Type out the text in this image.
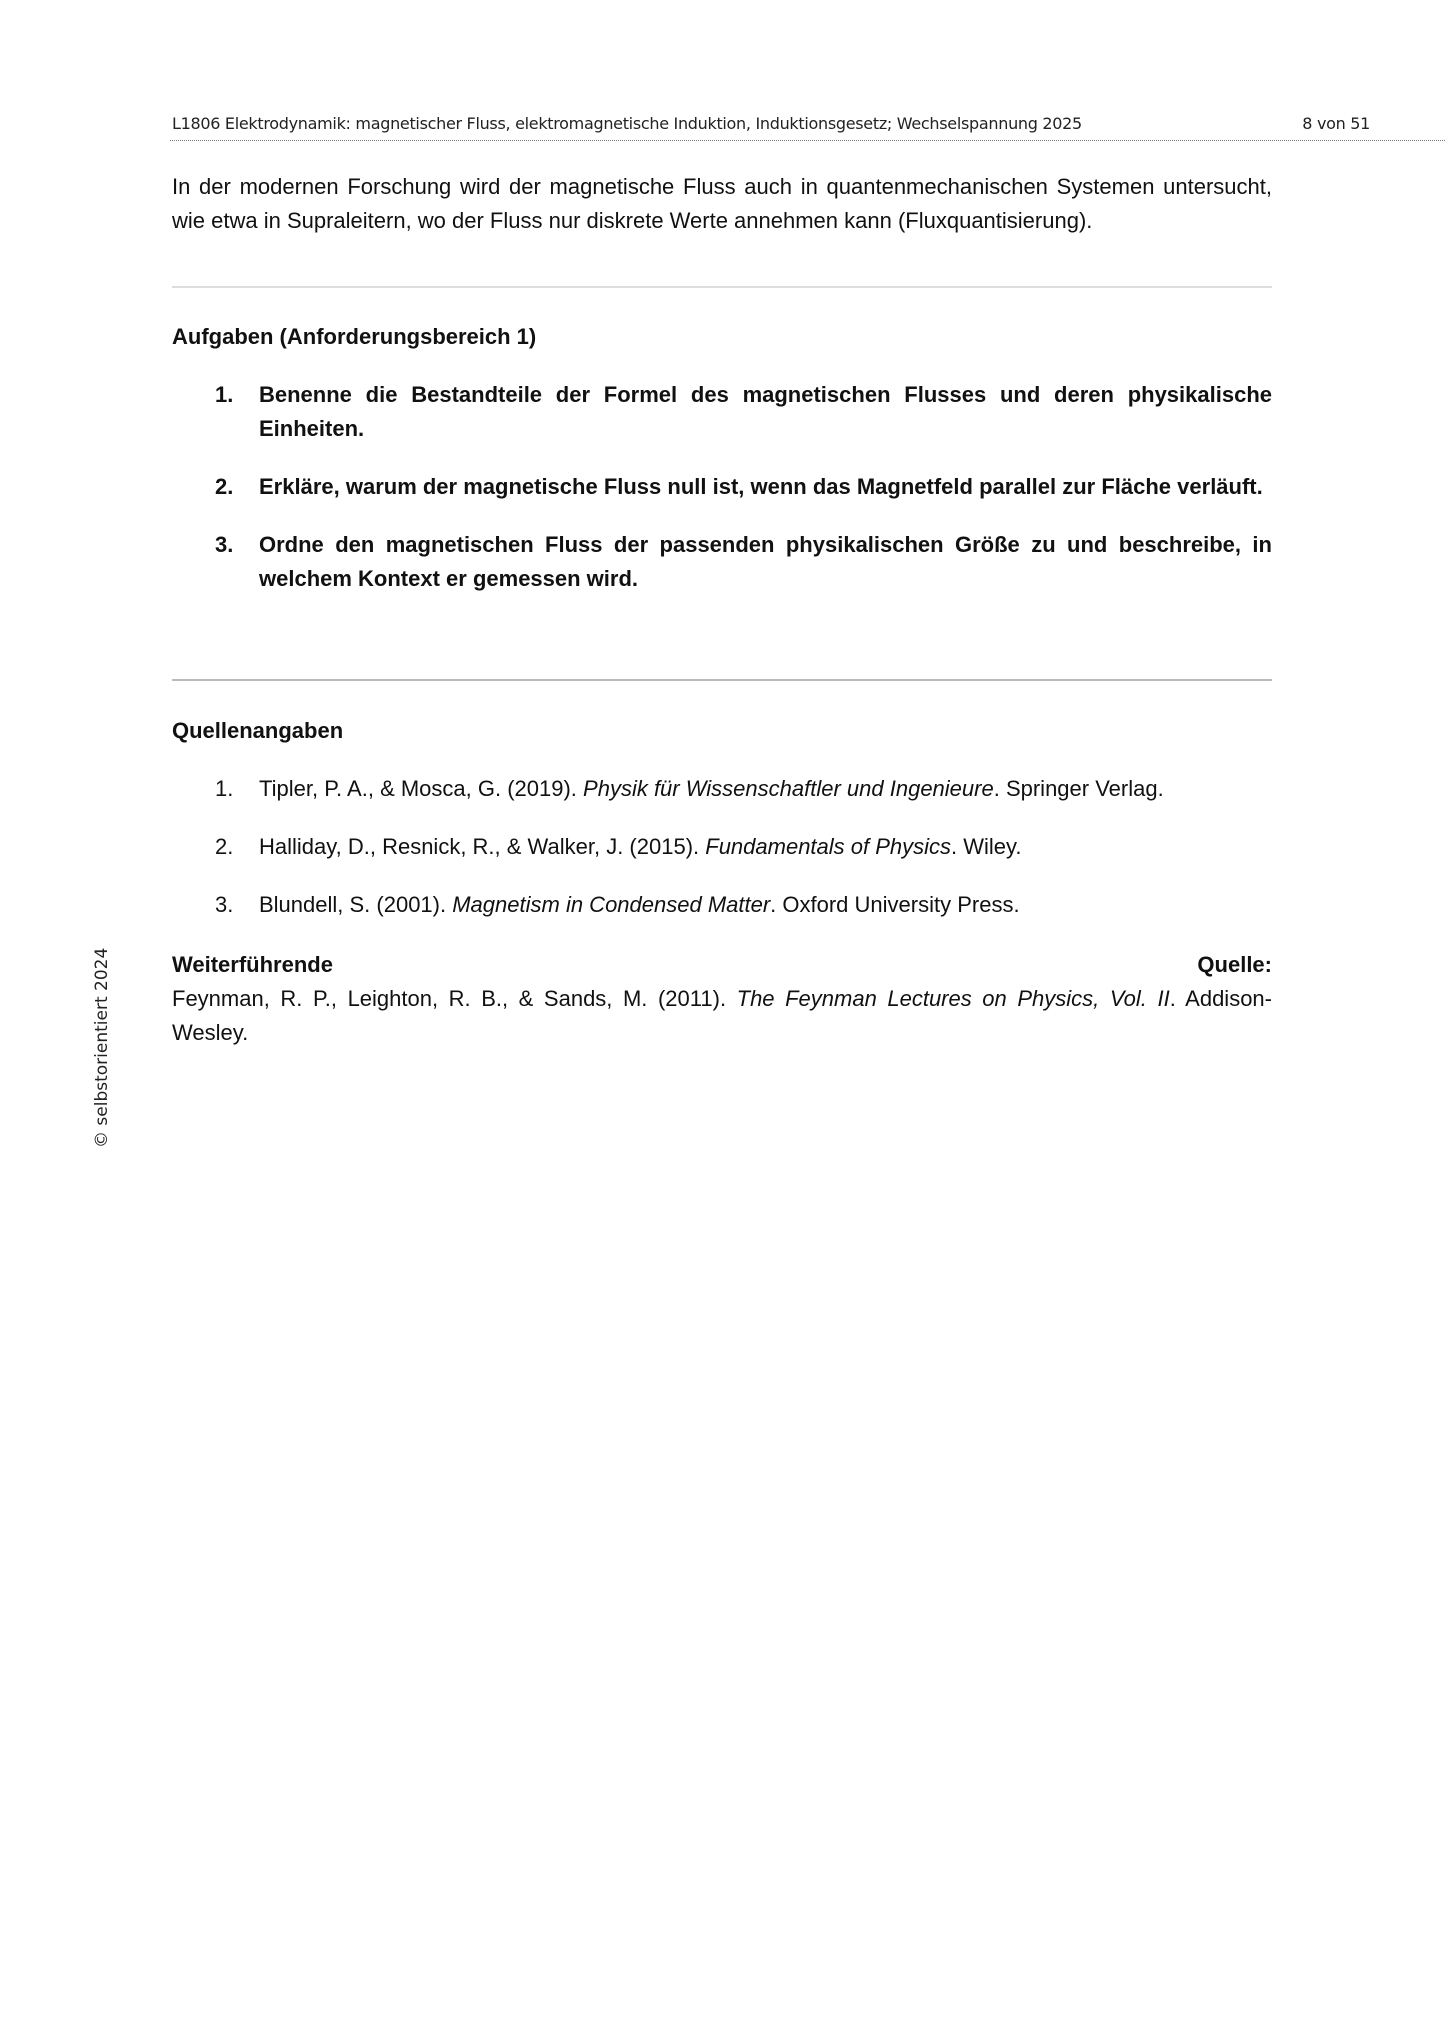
L1806 Elektrodynamik: magnetischer Fluss, elektromagnetische Induktion, Induktionsgesetz; Wechselspannung 2025	8 von 51
In der modernen Forschung wird der magnetische Fluss auch in quantenmechanischen Systemen untersucht, wie etwa in Supraleitern, wo der Fluss nur diskrete Werte annehmen kann (Fluxquantisierung).
Aufgaben (Anforderungsbereich 1)
1. Benenne die Bestandteile der Formel des magnetischen Flusses und deren physikalische Einheiten.
2. Erkläre, warum der magnetische Fluss null ist, wenn das Magnetfeld parallel zur Fläche verläuft.
3. Ordne den magnetischen Fluss der passenden physikalischen Größe zu und beschreibe, in welchem Kontext er gemessen wird.
Quellenangaben
1. Tipler, P. A., & Mosca, G. (2019). Physik für Wissenschaftler und Ingenieure. Springer Verlag.
2. Halliday, D., Resnick, R., & Walker, J. (2015). Fundamentals of Physics. Wiley.
3. Blundell, S. (2001). Magnetism in Condensed Matter. Oxford University Press.
Weiterführende	Quelle:
Feynman, R. P., Leighton, R. B., & Sands, M. (2011). The Feynman Lectures on Physics, Vol. II. Addison-Wesley.
© selbstorientiert 2024
